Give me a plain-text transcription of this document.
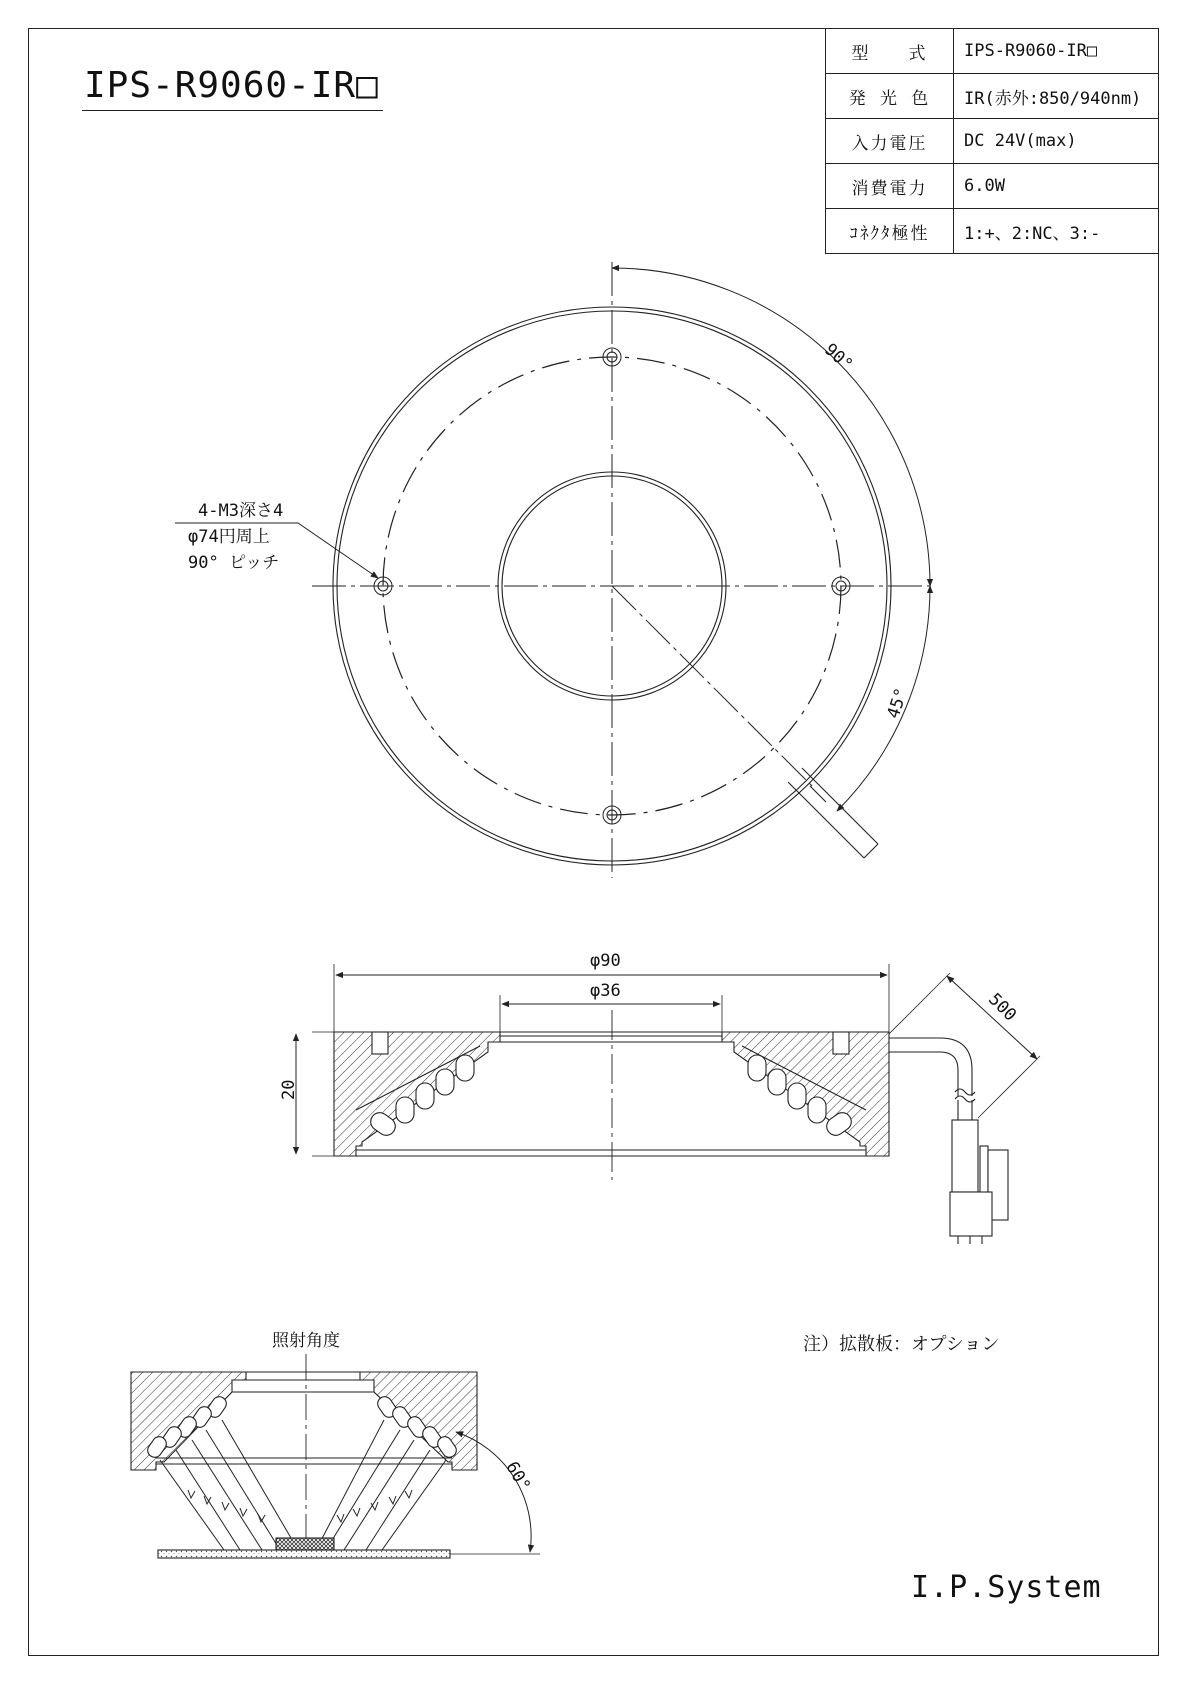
IPS-R9060-IR□
型　　式	IPS-R9060-IR□
発 光 色	IR(赤外:850/940nm)
入力電圧	DC 24V(max)
消費電力	6.0W
ｺﾈｸﾀ極性	1:+、2:NC、3:-
90°
45°
4-M3深さ4
φ74円周上
90° ピッチ
φ90
φ36
20
500
照射角度
60°
注）拡散板：オプション
I.P.System
